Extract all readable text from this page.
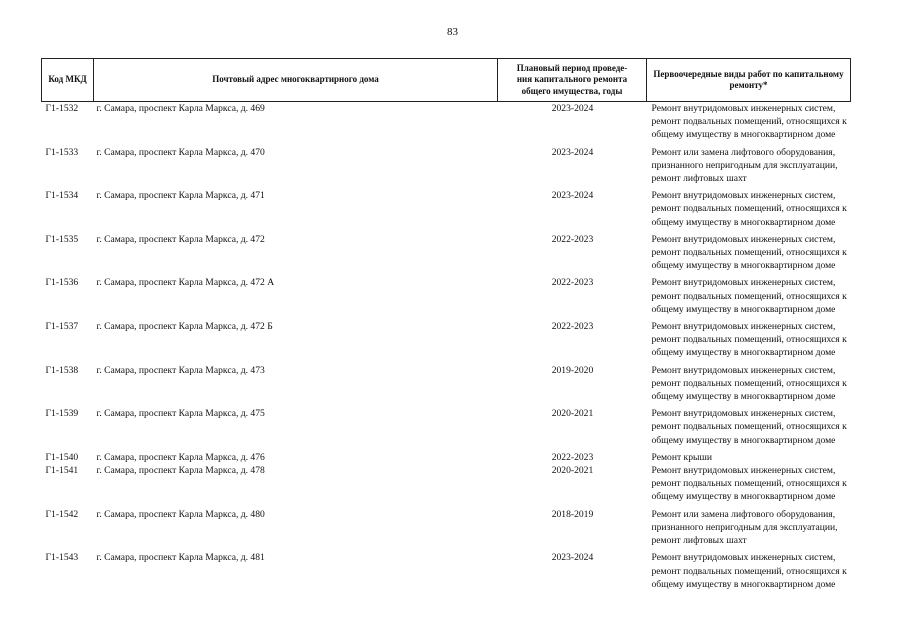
83
Код МКД	Почтовый адрес многоквартирного дома	Плановый период проведе-
ния капитального ремонта
общего имущества, годы	Первоочередные виды работ по капитальному
ремонту*
Г1-1532	г. Самара, проспект Карла Маркса, д. 469	2023-2024	Ремонт внутридомовых инженерных систем,
ремонт подвальных помещений, относящихся к
общему имуществу в многоквартирном доме

Г1-1533	г. Самара, проспект Карла Маркса, д. 470	2023-2024	Ремонт или замена лифтового оборудования,
признанного непригодным для эксплуатации,
ремонт лифтовых шахт

Г1-1534	г. Самара, проспект Карла Маркса, д. 471	2023-2024	Ремонт внутридомовых инженерных систем,
ремонт подвальных помещений, относящихся к
общему имуществу в многоквартирном доме

Г1-1535	г. Самара, проспект Карла Маркса, д. 472	2022-2023	Ремонт внутридомовых инженерных систем,
ремонт подвальных помещений, относящихся к
общему имуществу в многоквартирном доме

Г1-1536	г. Самара, проспект Карла Маркса, д. 472 А	2022-2023	Ремонт внутридомовых инженерных систем,
ремонт подвальных помещений, относящихся к
общему имуществу в многоквартирном доме

Г1-1537	г. Самара, проспект Карла Маркса, д. 472 Б	2022-2023	Ремонт внутридомовых инженерных систем,
ремонт подвальных помещений, относящихся к
общему имуществу в многоквартирном доме

Г1-1538	г. Самара, проспект Карла Маркса, д. 473	2019-2020	Ремонт внутридомовых инженерных систем,
ремонт подвальных помещений, относящихся к
общему имуществу в многоквартирном доме

Г1-1539	г. Самара, проспект Карла Маркса, д. 475	2020-2021	Ремонт внутридомовых инженерных систем,
ремонт подвальных помещений, относящихся к
общему имуществу в многоквартирном доме

Г1-1540	г. Самара, проспект Карла Маркса, д. 476	2022-2023	Ремонт крыши

Г1-1541	г. Самара, проспект Карла Маркса, д. 478	2020-2021	Ремонт внутридомовых инженерных систем,
ремонт подвальных помещений, относящихся к
общему имуществу в многоквартирном доме

Г1-1542	г. Самара, проспект Карла Маркса, д. 480	2018-2019	Ремонт или замена лифтового оборудования,
признанного непригодным для эксплуатации,
ремонт лифтовых шахт

Г1-1543	г. Самара, проспект Карла Маркса, д. 481	2023-2024	Ремонт внутридомовых инженерных систем,
ремонт подвальных помещений, относящихся к
общему имуществу в многоквартирном доме
